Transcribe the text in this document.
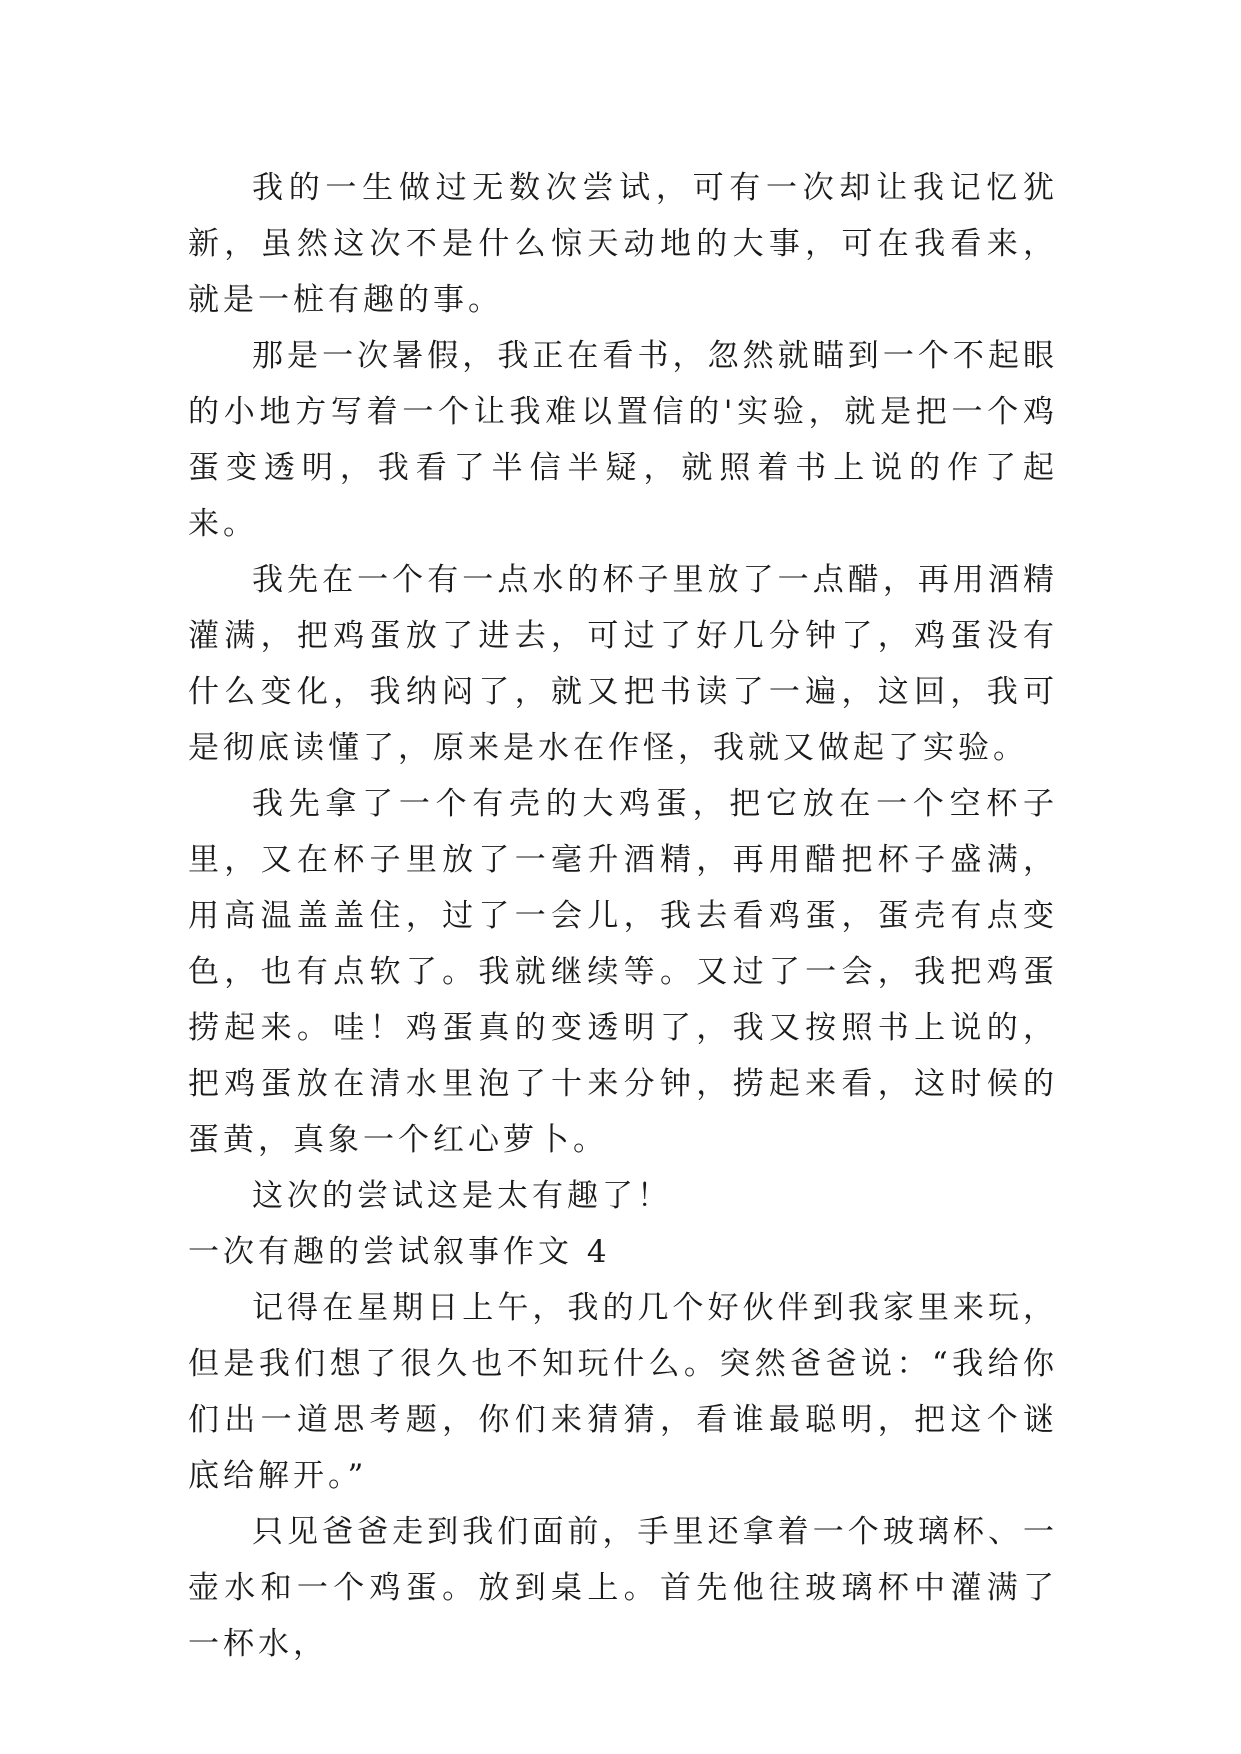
我的一生做过无数次尝试，可有一次却让我记忆犹新，虽然这次不是什么惊天动地的大事，可在我看来，就是一桩有趣的事。

那是一次暑假，我正在看书，忽然就瞄到一个不起眼的小地方写着一个让我难以置信的'实验，就是把一个鸡蛋变透明，我看了半信半疑，就照着书上说的作了起来。

我先在一个有一点水的杯子里放了一点醋，再用酒精灌满，把鸡蛋放了进去，可过了好几分钟了，鸡蛋没有什么变化，我纳闷了，就又把书读了一遍，这回，我可是彻底读懂了，原来是水在作怪，我就又做起了实验。

我先拿了一个有壳的大鸡蛋，把它放在一个空杯子里，又在杯子里放了一毫升酒精，再用醋把杯子盛满，用高温盖盖住，过了一会儿，我去看鸡蛋，蛋壳有点变色，也有点软了。我就继续等。又过了一会，我把鸡蛋捞起来。哇！鸡蛋真的变透明了，我又按照书上说的，把鸡蛋放在清水里泡了十来分钟，捞起来看，这时候的蛋黄，真象一个红心萝卜。

这次的尝试这是太有趣了！

一次有趣的尝试叙事作文 4

记得在星期日上午，我的几个好伙伴到我家里来玩，但是我们想了很久也不知玩什么。突然爸爸说：“我给你们出一道思考题，你们来猜猜，看谁最聪明，把这个谜底给解开。”

只见爸爸走到我们面前，手里还拿着一个玻璃杯、一壶水和一个鸡蛋。放到桌上。首先他往玻璃杯中灌满了一杯水，
